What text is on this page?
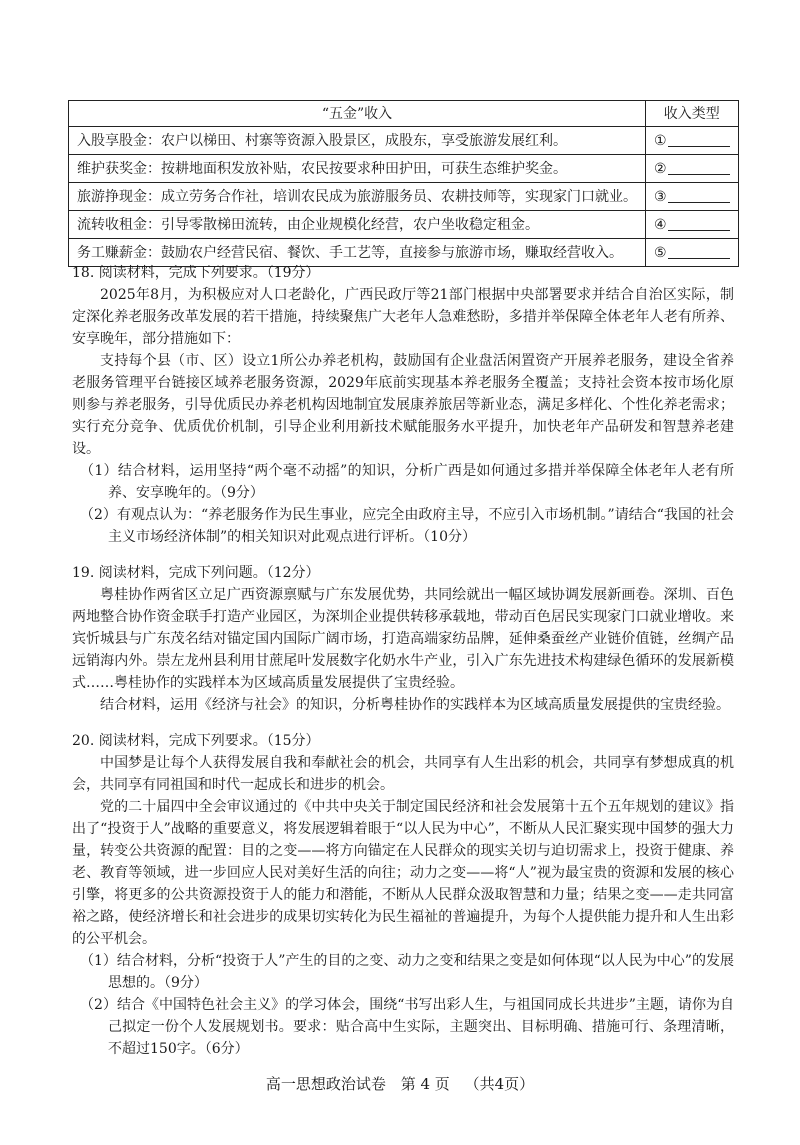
“五金”收入	收入类型
入股享股金：农户以梯田、村寨等资源入股景区，成股东，享受旅游发展红利。	①
维护获奖金：按耕地面积发放补贴，农民按要求种田护田，可获生态维护奖金。	②
旅游挣现金：成立劳务合作社，培训农民成为旅游服务员、农耕技师等，实现家门口就业。	③
流转收租金：引导零散梯田流转，由企业规模化经营，农户坐收稳定租金。	④
务工赚薪金：鼓励农户经营民宿、餐饮、手工艺等，直接参与旅游市场，赚取经营收入。	⑤

18. 阅读材料，完成下列要求。（19分）

2025年8月，为积极应对人口老龄化，广西民政厅等21部门根据中央部署要求并结合自治区实际，制定深化养老服务改革发展的若干措施，持续聚焦广大老年人急难愁盼，多措并举保障全体老年人老有所养、安享晚年，部分措施如下：

支持每个县（市、区）设立1所公办养老机构，鼓励国有企业盘活闲置资产开展养老服务，建设全省养老服务管理平台链接区域养老服务资源，2029年底前实现基本养老服务全覆盖；支持社会资本按市场化原则参与养老服务，引导优质民办养老机构因地制宜发展康养旅居等新业态，满足多样化、个性化养老需求；实行充分竞争、优质优价机制，引导企业利用新技术赋能服务水平提升，加快老年产品研发和智慧养老建设。

（1）结合材料，运用坚持“两个毫不动摇”的知识，分析广西是如何通过多措并举保障全体老年人老有所养、安享晚年的。（9分）

（2）有观点认为：“养老服务作为民生事业，应完全由政府主导，不应引入市场机制。”请结合“我国的社会主义市场经济体制”的相关知识对此观点进行评析。（10分）

19. 阅读材料，完成下列问题。（12分）

粤桂协作两省区立足广西资源禀赋与广东发展优势，共同绘就出一幅区域协调发展新画卷。深圳、百色两地整合协作资金联手打造产业园区，为深圳企业提供转移承载地，带动百色居民实现家门口就业增收。来宾忻城县与广东茂名结对锚定国内国际广阔市场，打造高端家纺品牌，延伸桑蚕丝产业链价值链，丝绸产品远销海内外。崇左龙州县利用甘蔗尾叶发展数字化奶水牛产业，引入广东先进技术构建绿色循环的发展新模式……粤桂协作的实践样本为区域高质量发展提供了宝贵经验。

结合材料，运用《经济与社会》的知识，分析粤桂协作的实践样本为区域高质量发展提供的宝贵经验。

20. 阅读材料，完成下列要求。（15分）

中国梦是让每个人获得发展自我和奉献社会的机会，共同享有人生出彩的机会，共同享有梦想成真的机会，共同享有同祖国和时代一起成长和进步的机会。

党的二十届四中全会审议通过的《中共中央关于制定国民经济和社会发展第十五个五年规划的建议》指出了“投资于人”战略的重要意义，将发展逻辑着眼于“以人民为中心”，不断从人民汇聚实现中国梦的强大力量，转变公共资源的配置：目的之变——将方向锚定在人民群众的现实关切与迫切需求上，投资于健康、养老、教育等领域，进一步回应人民对美好生活的向往；动力之变——将“人”视为最宝贵的资源和发展的核心引擎，将更多的公共资源投资于人的能力和潜能，不断从人民群众汲取智慧和力量；结果之变——走共同富裕之路，使经济增长和社会进步的成果切实转化为民生福祉的普遍提升，为每个人提供能力提升和人生出彩的公平机会。

（1）结合材料，分析“投资于人”产生的目的之变、动力之变和结果之变是如何体现“以人民为中心”的发展思想的。（9分）

（2）结合《中国特色社会主义》的学习体会，围绕“书写出彩人生，与祖国同成长共进步”主题，请你为自己拟定一份个人发展规划书。要求：贴合高中生实际，主题突出、目标明确、措施可行、条理清晰，不超过150字。（6分）

高一思想政治试卷 第 4 页 （共4页）
